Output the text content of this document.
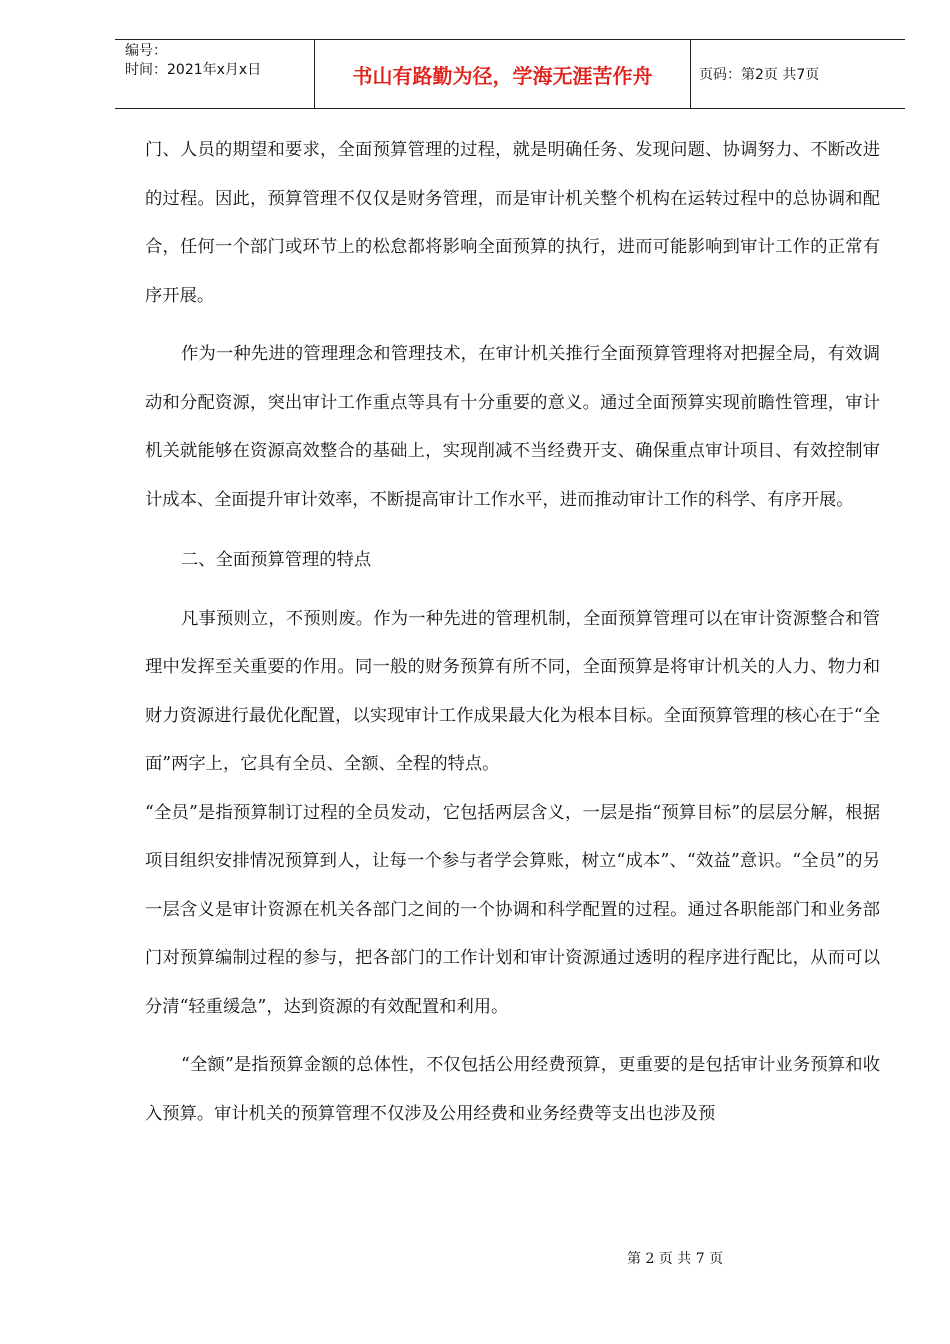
编号：
时间：2021年x月x日	书山有路勤为径，学海无涯苦作舟	页码：第2页 共7页

门、人员的期望和要求，全面预算管理的过程，就是明确任务、发现问题、协调努力、不断改进的过程。因此，预算管理不仅仅是财务管理，而是审计机关整个机构在运转过程中的总协调和配合，任何一个部门或环节上的松怠都将影响全面预算的执行，进而可能影响到审计工作的正常有序开展。

作为一种先进的管理理念和管理技术，在审计机关推行全面预算管理将对把握全局，有效调动和分配资源，突出审计工作重点等具有十分重要的意义。通过全面预算实现前瞻性管理，审计机关就能够在资源高效整合的基础上，实现削减不当经费开支、确保重点审计项目、有效控制审计成本、全面提升审计效率，不断提高审计工作水平，进而推动审计工作的科学、有序开展。

二、全面预算管理的特点

凡事预则立，不预则废。作为一种先进的管理机制，全面预算管理可以在审计资源整合和管理中发挥至关重要的作用。同一般的财务预算有所不同，全面预算是将审计机关的人力、物力和财力资源进行最优化配置，以实现审计工作成果最大化为根本目标。全面预算管理的核心在于“全面”两字上，它具有全员、全额、全程的特点。

“全员”是指预算制订过程的全员发动，它包括两层含义，一层是指“预算目标”的层层分解，根据项目组织安排情况预算到人，让每一个参与者学会算账，树立“成本”、“效益”意识。“全员”的另一层含义是审计资源在机关各部门之间的一个协调和科学配置的过程。通过各职能部门和业务部门对预算编制过程的参与，把各部门的工作计划和审计资源通过透明的程序进行配比，从而可以分清“轻重缓急”，达到资源的有效配置和利用。

“全额”是指预算金额的总体性，不仅包括公用经费预算，更重要的是包括审计业务预算和收入预算。审计机关的预算管理不仅涉及公用经费和业务经费等支出也涉及预

第 2 页 共 7 页
